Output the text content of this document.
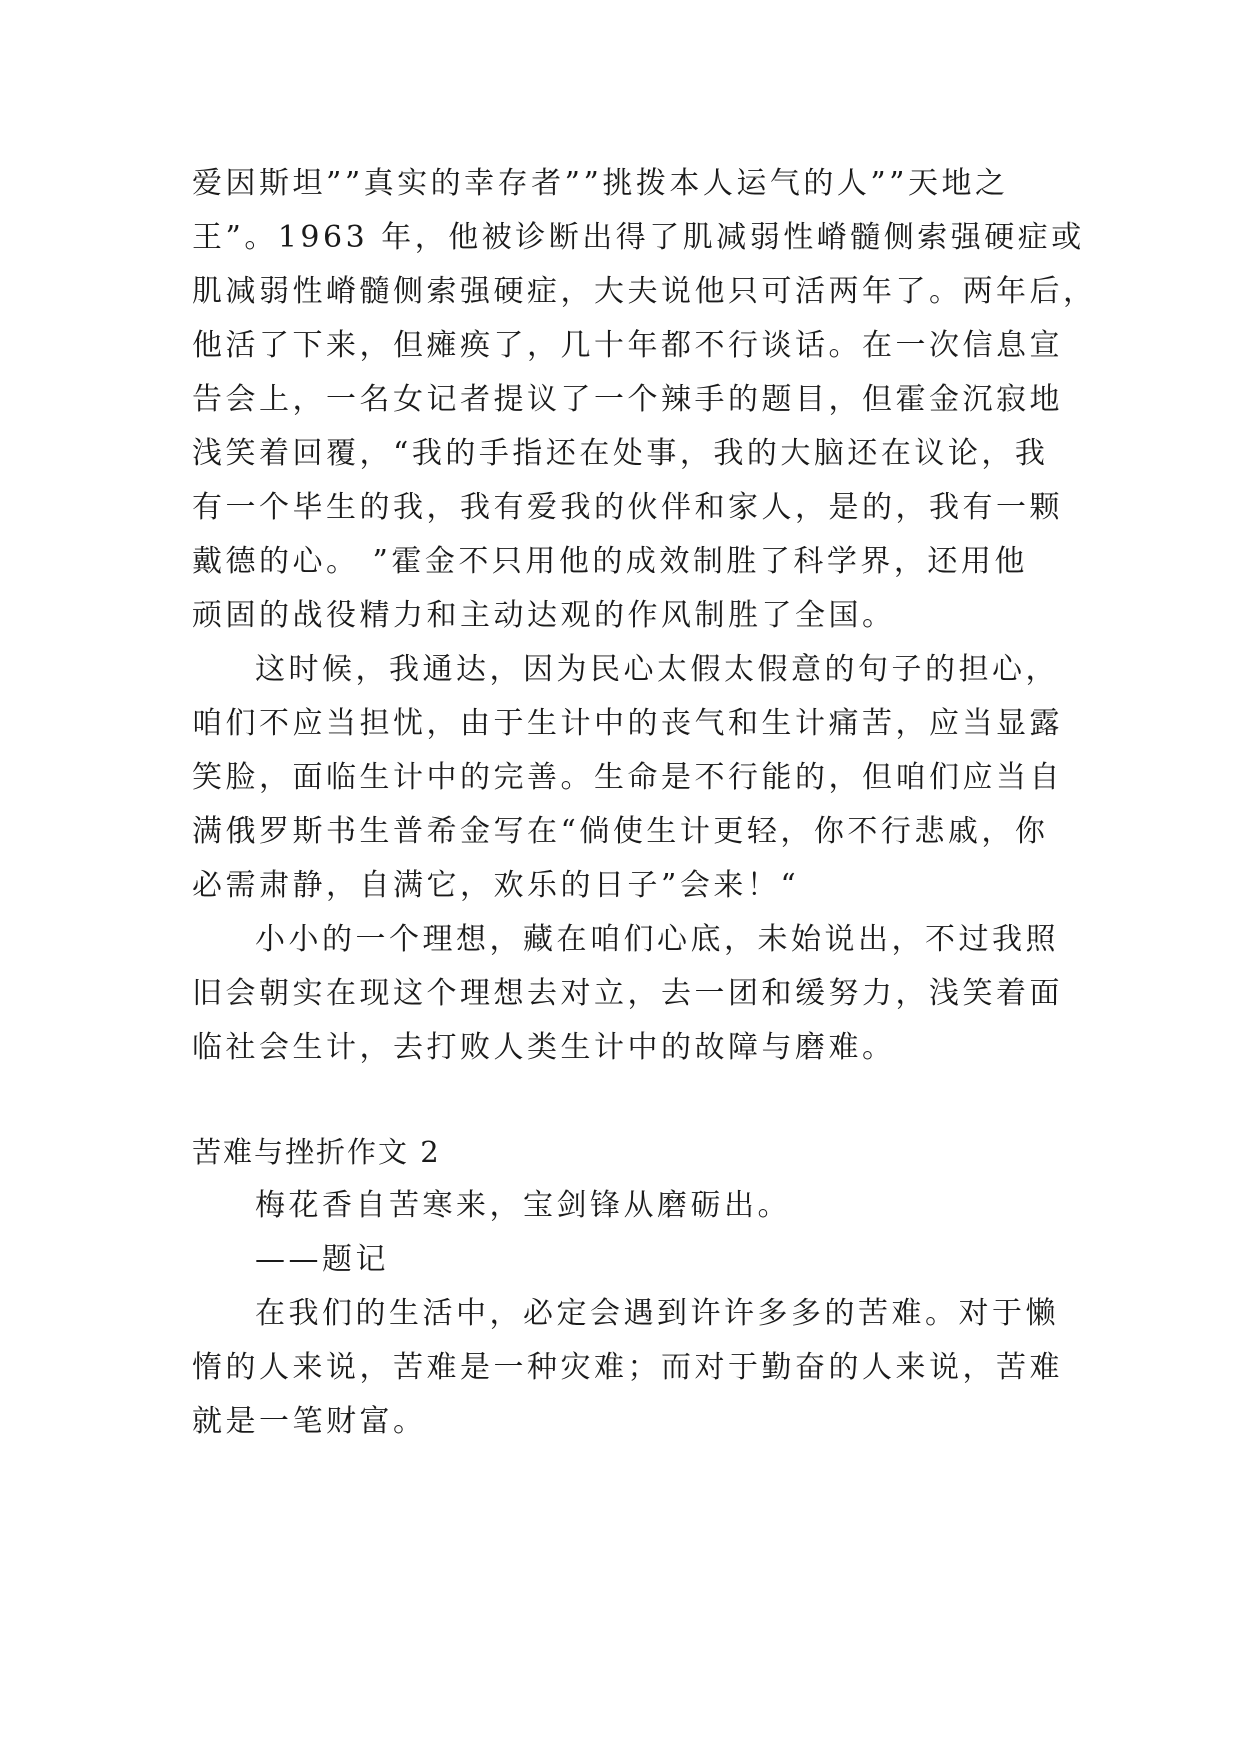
爱因斯坦””真实的幸存者””挑拨本人运气的人””天地之
王”。1963 年，他被诊断出得了肌减弱性嵴髓侧索强硬症或
肌减弱性嵴髓侧索强硬症，大夫说他只可活两年了。两年后，
他活了下来，但瘫痪了，几十年都不行谈话。在一次信息宣
告会上，一名女记者提议了一个辣手的题目，但霍金沉寂地
浅笑着回覆，“我的手指还在处事，我的大脑还在议论，我
有一个毕生的我，我有爱我的伙伴和家人，是的，我有一颗
戴德的心。 ”霍金不只用他的成效制胜了科学界，还用他
顽固的战役精力和主动达观的作风制胜了全国。
这时候，我通达，因为民心太假太假意的句子的担心，
咱们不应当担忧，由于生计中的丧气和生计痛苦，应当显露
笑脸，面临生计中的完善。生命是不行能的，但咱们应当自
满俄罗斯书生普希金写在“倘使生计更轻，你不行悲戚，你
必需肃静，自满它，欢乐的日子”会来！“
小小的一个理想，藏在咱们心底，未始说出，不过我照
旧会朝实在现这个理想去对立，去一团和缓努力，浅笑着面
临社会生计，去打败人类生计中的故障与磨难。
苦难与挫折作文 2
梅花香自苦寒来，宝剑锋从磨砺出。
——题记
在我们的生活中，必定会遇到许许多多的苦难。对于懒
惰的人来说，苦难是一种灾难；而对于勤奋的人来说，苦难
就是一笔财富。
